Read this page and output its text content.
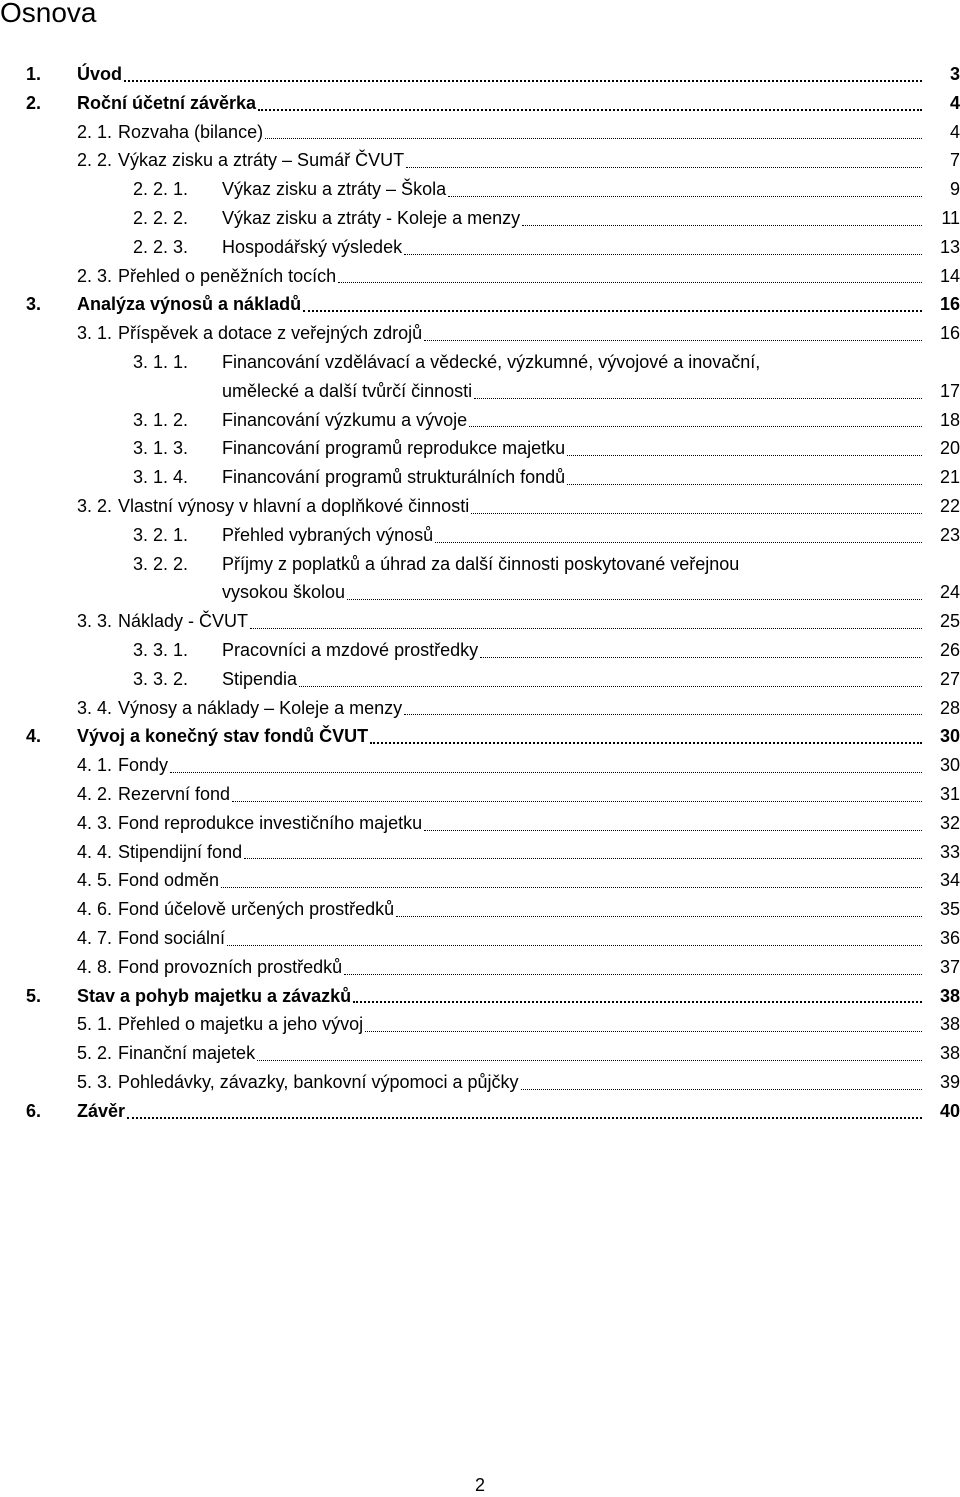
Osnova
1. Úvod	3
2. Roční účetní závěrka	4
2. 1. Rozvaha (bilance)	4
2. 2. Výkaz zisku a ztráty – Sumář ČVUT	7
2. 2. 1. Výkaz zisku a ztráty – Škola	9
2. 2. 2. Výkaz zisku a ztráty - Koleje a menzy	11
2. 2. 3. Hospodářský výsledek	13
2. 3. Přehled o peněžních tocích	14
3. Analýza výnosů a nákladů	16
3. 1. Příspěvek a dotace z veřejných zdrojů	16
3. 1. 1. Financování vzdělávací a vědecké, výzkumné, vývojové a inovační,
umělecké a další tvůrčí činnosti	17
3. 1. 2. Financování výzkumu a vývoje	18
3. 1. 3. Financování programů reprodukce majetku	20
3. 1. 4. Financování programů strukturálních fondů	21
3. 2. Vlastní výnosy v hlavní a doplňkové činnosti	22
3. 2. 1. Přehled vybraných výnosů	23
3. 2. 2. Příjmy z poplatků a úhrad za další činnosti poskytované veřejnou
vysokou školou	24
3. 3. Náklady - ČVUT	25
3. 3. 1. Pracovníci a mzdové prostředky	26
3. 3. 2. Stipendia	27
3. 4. Výnosy a náklady – Koleje a menzy	28
4. Vývoj a konečný stav fondů ČVUT	30
4. 1. Fondy	30
4. 2. Rezervní fond	31
4. 3. Fond reprodukce investičního majetku	32
4. 4. Stipendijní fond	33
4. 5. Fond odměn	34
4. 6. Fond účelově určených prostředků	35
4. 7. Fond sociální	36
4. 8. Fond provozních prostředků	37
5. Stav a pohyb majetku a závazků	38
5. 1. Přehled o majetku a jeho vývoj	38
5. 2. Finanční majetek	38
5. 3. Pohledávky, závazky, bankovní výpomoci a půjčky	39
6. Závěr	40
2
